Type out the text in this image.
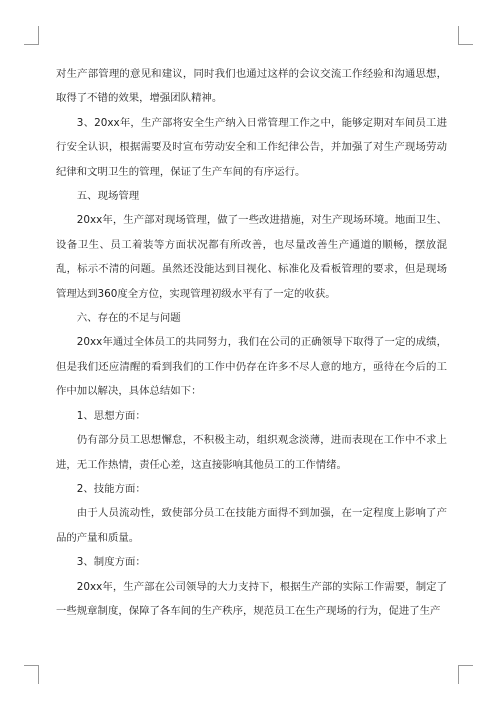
对生产部管理的意见和建议，同时我们也通过这样的会议交流工作经验和沟通思想，取得了不错的效果，增强团队精神。

3、20xx年，生产部将安全生产纳入日常管理工作之中，能够定期对车间员工进行安全认识，根据需要及时宣布劳动安全和工作纪律公告，并加强了对生产现场劳动纪律和文明卫生的管理，保证了生产车间的有序运行。

五、现场管理

20xx年，生产部对现场管理，做了一些改进措施，对生产现场环境。地面卫生、设备卫生、员工着装等方面状况都有所改善，也尽量改善生产通道的顺畅，摆放混乱，标示不清的问题。虽然还没能达到目视化、标准化及看板管理的要求，但是现场管理达到360度全方位，实现管理初级水平有了一定的收获。

六、存在的不足与问题

20xx年通过全体员工的共同努力，我们在公司的正确领导下取得了一定的成绩，但是我们还应清醒的看到我们的工作中仍存在许多不尽人意的地方，亟待在今后的工作中加以解决，具体总结如下：

1、思想方面：

仍有部分员工思想懈怠，不积极主动，组织观念淡薄，进而表现在工作中不求上进，无工作热情，责任心差，这直接影响其他员工的工作情绪。

2、技能方面：

由于人员流动性，致使部分员工在技能方面得不到加强，在一定程度上影响了产品的产量和质量。

3、制度方面：

20xx年，生产部在公司领导的大力支持下，根据生产部的实际工作需要，制定了一些规章制度，保障了各车间的生产秩序，规范员工在生产现场的行为，促进了生产
